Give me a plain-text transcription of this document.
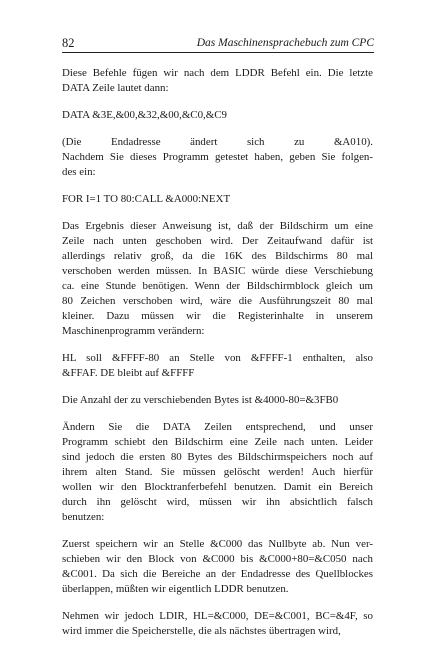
82	Das Maschinensprachebuch zum CPC

Diese Befehle fügen wir nach dem LDDR Befehl ein. Die letzte
DATA Zeile lautet dann:

DATA &3E,&00,&32,&00,&C0,&C9

(Die Endadresse ändert sich zu &A010).
Nachdem Sie dieses Programm getestet haben, geben Sie folgen-
des ein:

FOR I=1 TO 80:CALL &A000:NEXT

Das Ergebnis dieser Anweisung ist, daß der Bildschirm um eine
Zeile nach unten geschoben wird. Der Zeitaufwand dafür ist
allerdings relativ groß, da die 16K des Bildschirms 80 mal
verschoben werden müssen. In BASIC würde diese Verschiebung
ca. eine Stunde benötigen. Wenn der Bildschirmblock gleich um
80 Zeichen verschoben wird, wäre die Ausführungszeit 80 mal
kleiner. Dazu müssen wir die Registerinhalte in unserem
Maschinenprogramm verändern:

HL soll &FFFF-80 an Stelle von &FFFF-1 enthalten, also
&FFAF. DE bleibt auf &FFFF

Die Anzahl der zu verschiebenden Bytes ist &4000-80=&3FB0

Ändern Sie die DATA Zeilen entsprechend, und unser
Programm schiebt den Bildschirm eine Zeile nach unten. Leider
sind jedoch die ersten 80 Bytes des Bildschirmspeichers noch auf
ihrem alten Stand. Sie müssen gelöscht werden! Auch hierfür
wollen wir den Blocktranferbefehl benutzen. Damit ein Bereich
durch ihn gelöscht wird, müssen wir ihn absichtlich falsch
benutzen:

Zuerst speichern wir an Stelle &C000 das Nullbyte ab. Nun ver-
schieben wir den Block von &C000 bis &C000+80=&C050 nach
&C001. Da sich die Bereiche an der Endadresse des Quellblockes
überlappen, müßten wir eigentlich LDDR benutzen.

Nehmen wir jedoch LDIR, HL=&C000, DE=&C001, BC=&4F, so
wird immer die Speicherstelle, die als nächstes übertragen wird,
